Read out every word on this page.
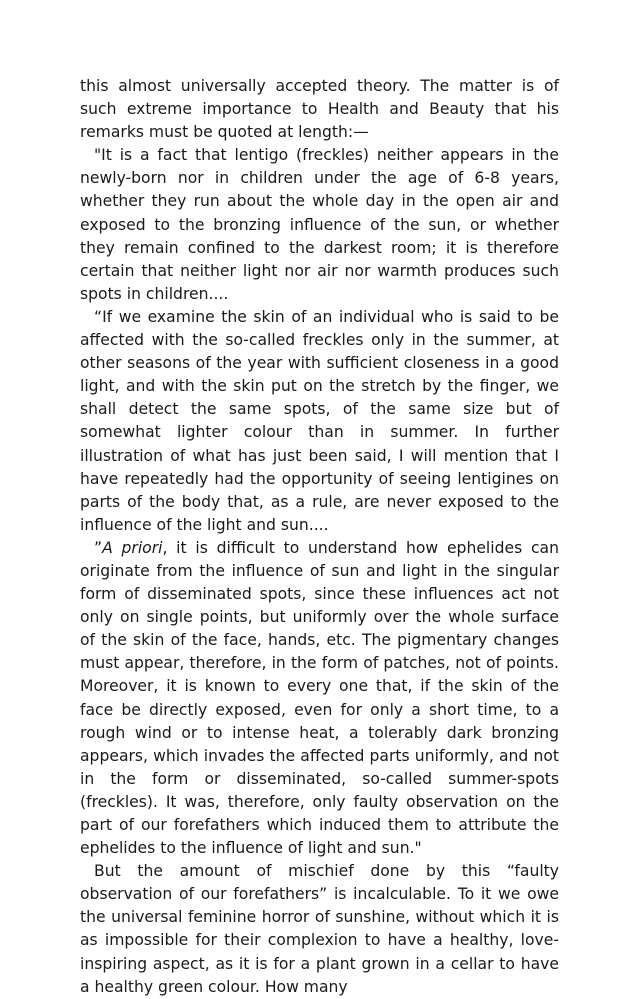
this almost universally accepted theory. The matter is of such extreme importance to Health and Beauty that his remarks must be quoted at length:—

"It is a fact that lentigo (freckles) neither appears in the newly-born nor in children under the age of 6-8 years, whether they run about the whole day in the open air and exposed to the bronzing influence of the sun, or whether they remain confined to the darkest room; it is therefore certain that neither light nor air nor warmth produces such spots in children....

“If we examine the skin of an individual who is said to be affected with the so-called freckles only in the summer, at other seasons of the year with sufficient closeness in a good light, and with the skin put on the stretch by the finger, we shall detect the same spots, of the same size but of somewhat lighter colour than in summer. In further illustration of what has just been said, I will mention that I have repeatedly had the opportunity of seeing lentigines on parts of the body that, as a rule, are never exposed to the influence of the light and sun....

”A priori, it is difficult to understand how ephelides can originate from the influence of sun and light in the singular form of disseminated spots, since these influences act not only on single points, but uniformly over the whole surface of the skin of the face, hands, etc. The pigmentary changes must appear, therefore, in the form of patches, not of points. Moreover, it is known to every one that, if the skin of the face be directly exposed, even for only a short time, to a rough wind or to intense heat, a tolerably dark bronzing appears, which invades the affected parts uniformly, and not in the form or disseminated, so-called summer-spots (freckles). It was, therefore, only faulty observation on the part of our forefathers which induced them to attribute the ephelides to the influence of light and sun."

But the amount of mischief done by this “faulty observation of our forefathers” is incalculable. To it we owe the universal feminine horror of sunshine, without which it is as impossible for their complexion to have a healthy, love-inspiring aspect, as it is for a plant grown in a cellar to have a healthy green colour. How many
